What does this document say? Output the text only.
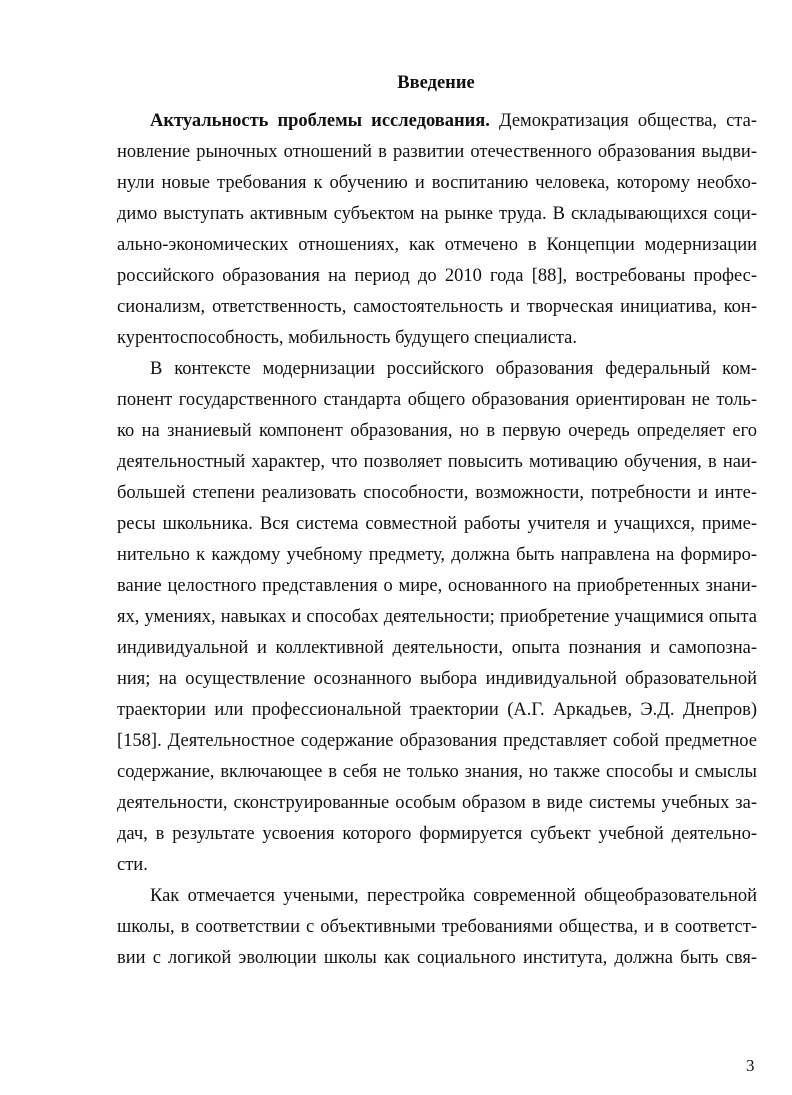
Введение
Актуальность проблемы исследования. Демократизация общества, ста-
новление рыночных отношений в развитии отечественного образования выдви-
нули новые требования к обучению и воспитанию человека, которому необхо-
димо выступать активным субъектом на рынке труда. В складывающихся соци-
ально-экономических отношениях, как отмечено в Концепции модернизации
российского образования на период до 2010 года [88], востребованы профес-
сионализм, ответственность, самостоятельность и творческая инициатива, кон-
курентоспособность, мобильность будущего специалиста.
В контексте модернизации российского образования федеральный ком-
понент государственного стандарта общего образования ориентирован не толь-
ко на знаниевый компонент образования, но в первую очередь определяет его
деятельностный характер, что позволяет повысить мотивацию обучения, в наи-
большей степени реализовать способности, возможности, потребности и инте-
ресы школьника. Вся система совместной работы учителя и учащихся, приме-
нительно к каждому учебному предмету, должна быть направлена на формиро-
вание целостного представления о мире, основанного на приобретенных знани-
ях, умениях, навыках и способах деятельности; приобретение учащимися опыта
индивидуальной и коллективной деятельности, опыта познания и самопозна-
ния; на осуществление осознанного выбора индивидуальной образовательной
траектории или профессиональной траектории (А.Г. Аркадьев, Э.Д. Днепров)
[158]. Деятельностное содержание образования представляет собой предметное
содержание, включающее в себя не только знания, но также способы и смыслы
деятельности, сконструированные особым образом в виде системы учебных за-
дач, в результате усвоения которого формируется субъект учебной деятельно-
сти.
Как отмечается учеными, перестройка современной общеобразовательной
школы, в соответствии с объективными требованиями общества, и в соответст-
вии с логикой эволюции школы как социального института, должна быть свя-
3
